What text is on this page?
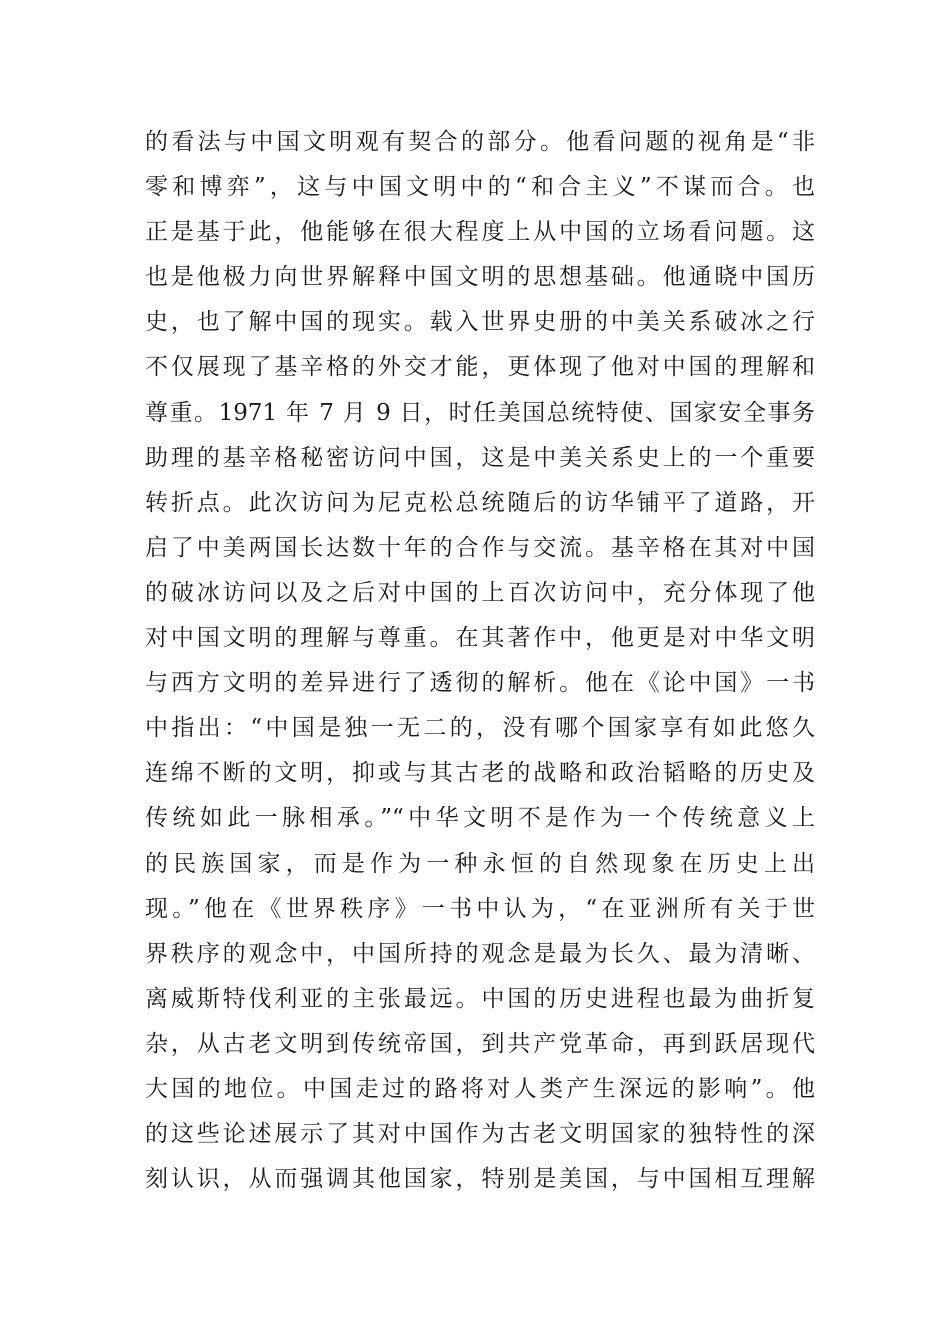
的看法与中国文明观有契合的部分。他看问题的视角是“非
零和博弈”，这与中国文明中的“和合主义”不谋而合。也
正是基于此，他能够在很大程度上从中国的立场看问题。这
也是他极力向世界解释中国文明的思想基础。他通晓中国历
史，也了解中国的现实。载入世界史册的中美关系破冰之行
不仅展现了基辛格的外交才能，更体现了他对中国的理解和
尊重。1971 年 7 月 9 日，时任美国总统特使、国家安全事务
助理的基辛格秘密访问中国，这是中美关系史上的一个重要
转折点。此次访问为尼克松总统随后的访华铺平了道路，开
启了中美两国长达数十年的合作与交流。基辛格在其对中国
的破冰访问以及之后对中国的上百次访问中，充分体现了他
对中国文明的理解与尊重。在其著作中，他更是对中华文明
与西方文明的差异进行了透彻的解析。他在《论中国》一书
中指出：“中国是独一无二的，没有哪个国家享有如此悠久
连绵不断的文明，抑或与其古老的战略和政治韬略的历史及
传统如此一脉相承。”“中华文明不是作为一个传统意义上
的民族国家，而是作为一种永恒的自然现象在历史上出
现。”他在《世界秩序》一书中认为，“在亚洲所有关于世
界秩序的观念中，中国所持的观念是最为长久、最为清晰、
离威斯特伐利亚的主张最远。中国的历史进程也最为曲折复
杂，从古老文明到传统帝国，到共产党革命，再到跃居现代
大国的地位。中国走过的路将对人类产生深远的影响”。他
的这些论述展示了其对中国作为古老文明国家的独特性的深
刻认识，从而强调其他国家，特别是美国，与中国相互理解
